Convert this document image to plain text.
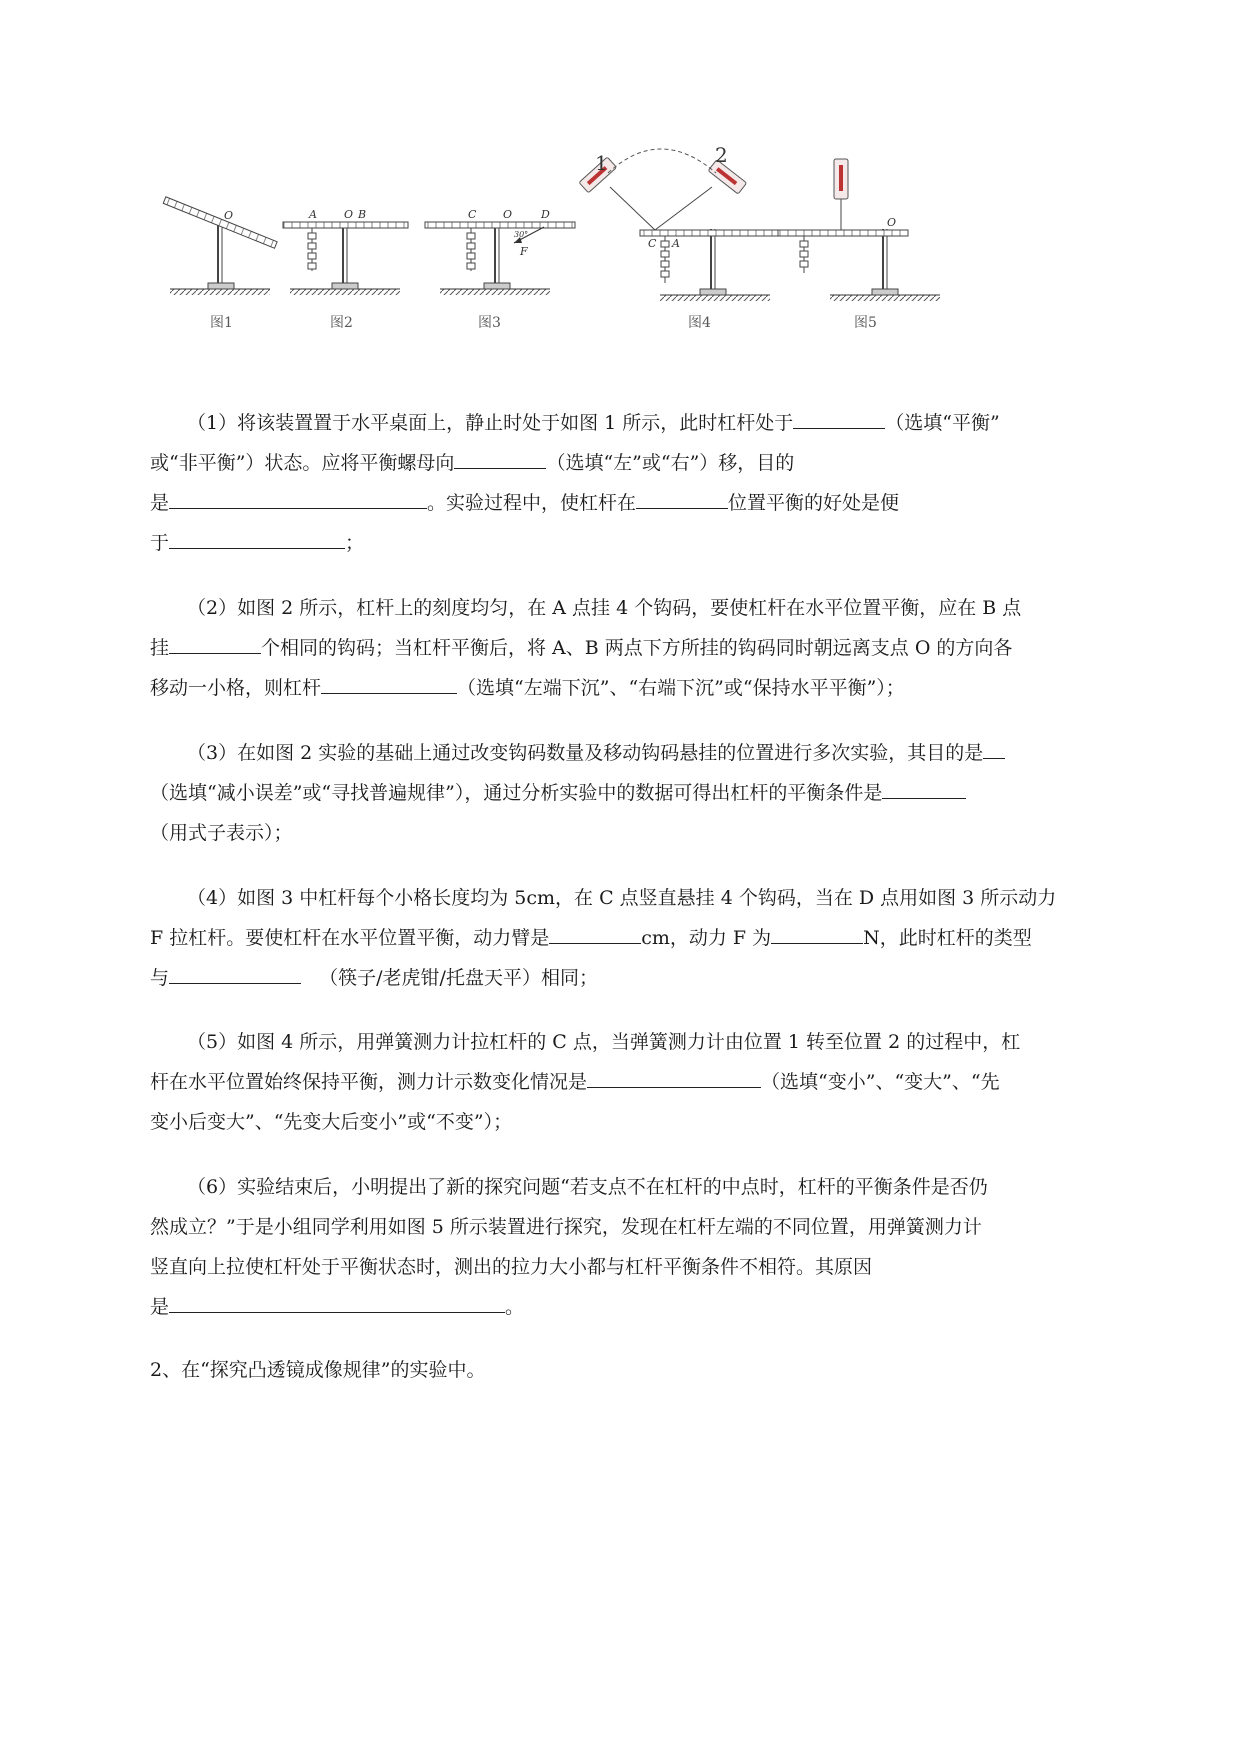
O
图1
A O B
图2
C O	D
F
30°
图3
1	2
C A
图4
O
图5

（1）将该装置置于水平桌面上，静止时处于如图 1 所示，此时杠杆处于	（选填“平衡”

或“非平衡”）状态。应将平衡螺母向	（选填“左”或“右”）移，目的

是	。实验过程中，使杠杆在	位置平衡的好处是便

于	；

（2）如图 2 所示，杠杆上的刻度均匀，在 A 点挂 4 个钩码，要使杠杆在水平位置平衡，应在 B 点

挂	个相同的钩码；当杠杆平衡后，将 A、B 两点下方所挂的钩码同时朝远离支点 O 的方向各

移动一小格，则杠杆	（选填“左端下沉”、“右端下沉”或“保持水平平衡”）；

（3）在如图 2 实验的基础上通过改变钩码数量及移动钩码悬挂的位置进行多次实验，其目的是

（选填“减小误差”或“寻找普遍规律”），通过分析实验中的数据可得出杠杆的平衡条件是

（用式子表示）；

（4）如图 3 中杠杆每个小格长度均为 5cm，在 C 点竖直悬挂 4 个钩码，当在 D 点用如图 3 所示动力

F 拉杠杆。要使杠杆在水平位置平衡，动力臂是	cm，动力 F 为	N，此时杠杆的类型

与	（筷子/老虎钳/托盘天平）相同；

（5）如图 4 所示，用弹簧测力计拉杠杆的 C 点，当弹簧测力计由位置 1 转至位置 2 的过程中，杠

杆在水平位置始终保持平衡，测力计示数变化情况是	（选填“变小”、“变大”、“先

变小后变大”、“先变大后变小”或“不变”）；

（6）实验结束后，小明提出了新的探究问题“若支点不在杠杆的中点时，杠杆的平衡条件是否仍

然成立？”于是小组同学利用如图 5 所示装置进行探究，发现在杠杆左端的不同位置，用弹簧测力计

竖直向上拉使杠杆处于平衡状态时，测出的拉力大小都与杠杆平衡条件不相符。其原因

是	。

2、在“探究凸透镜成像规律”的实验中。
